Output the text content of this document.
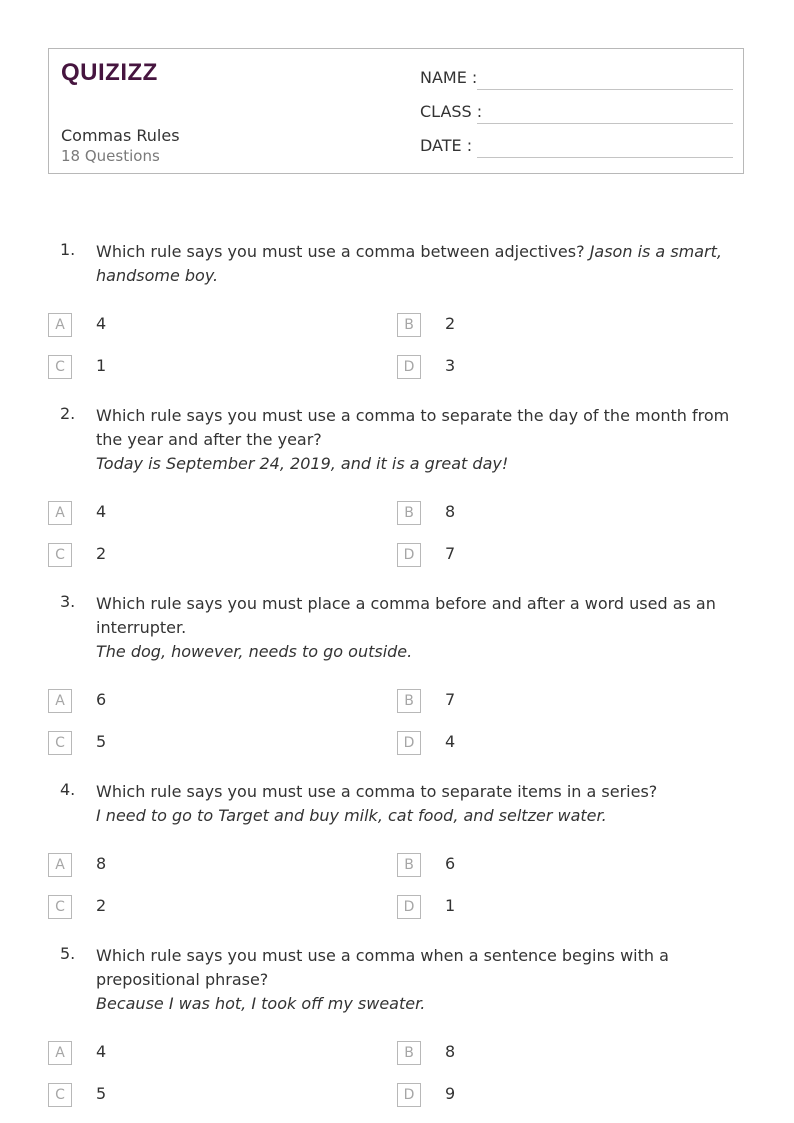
QUIZIZZ
Commas Rules
18 Questions
NAME :
CLASS :
DATE :
1. Which rule says you must use a comma between adjectives? Jason is a smart, handsome boy.
A	4	B	2
C	1	D	3
2. Which rule says you must use a comma to separate the day of the month from the year and after the year?
Today is September 24, 2019, and it is a great day!
A	4	B	8
C	2	D	7
3. Which rule says you must place a comma before and after a word used as an interrupter.
The dog, however, needs to go outside.
A	6	B	7
C	5	D	4
4. Which rule says you must use a comma to separate items in a series?
I need to go to Target and buy milk, cat food, and seltzer water.
A	8	B	6
C	2	D	1
5. Which rule says you must use a comma when a sentence begins with a prepositional phrase?
Because I was hot, I took off my sweater.
A	4	B	8
C	5	D	9
